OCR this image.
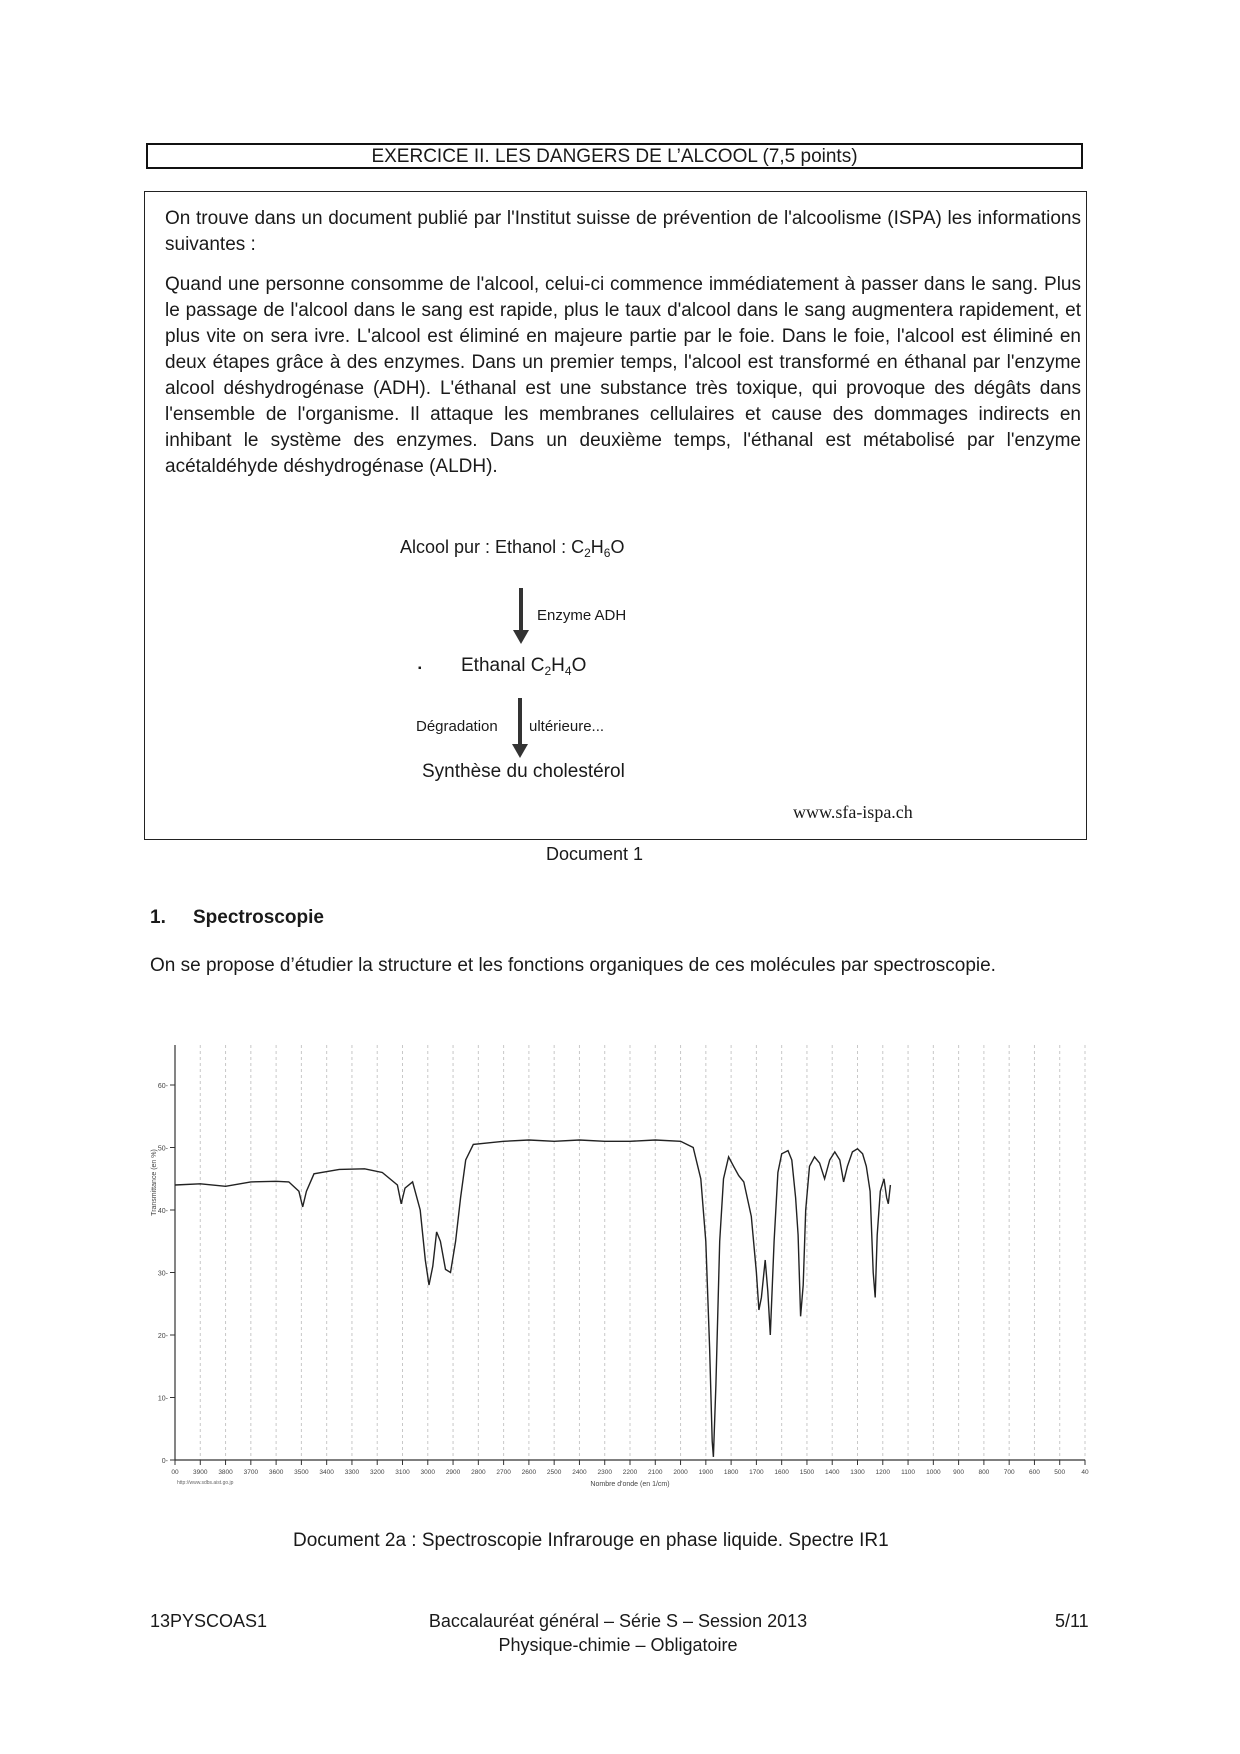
EXERCICE II. LES DANGERS DE L’ALCOOL (7,5 points)
On trouve dans un document publié par l'Institut suisse de prévention de l'alcoolisme (ISPA) les informations suivantes :
Quand une personne consomme de l'alcool, celui-ci commence immédiatement à passer dans le sang. Plus le passage de l'alcool dans le sang est rapide, plus le taux d'alcool dans le sang augmentera rapidement, et plus vite on sera ivre. L'alcool est éliminé en majeure partie par le foie. Dans le foie, l'alcool est éliminé en deux étapes grâce à des enzymes. Dans un premier temps, l'alcool est transformé en éthanal par l'enzyme alcool déshydrogénase (ADH). L'éthanal est une substance très toxique, qui provoque des dégâts dans l'ensemble de l'organisme. Il attaque les membranes cellulaires et cause des dommages indirects en inhibant le système des enzymes. Dans un deuxième temps, l'éthanal est métabolisé par l'enzyme acétaldéhyde déshydrogénase (ALDH).
Alcool pur : Ethanol : $C_2H_6O$
Enzyme ADH
▪ Ethanal $C_2H_4O$
Dégradation ultérieure...
Synthèse du cholestérol
www.sfa-ispa.ch
Document 1
1. Spectroscopie
On se propose d’étudier la structure et les fonctions organiques de ces molécules par spectroscopie.
0-
10-
20-
30-
40-
50-
60-
00 3900 3800 3700 3600 3500 3400 3300 3200 3100 3000 2900 2800 2700 2600 2500 2400 2300 2200 2100 2000 1900 1800 1700 1600 1500 1400 1300 1200 1100 1000 900 800 700 600 500 40
Nombre d'onde (en 1/cm)
Transmittance (en %)
http://www.sdbs.aist.go.jp
Document 2a : Spectroscopie Infrarouge en phase liquide. Spectre IR1
13PYSCOAS1	Baccalauréat général – Série S – Session 2013
Physique-chimie – Obligatoire
5/11
